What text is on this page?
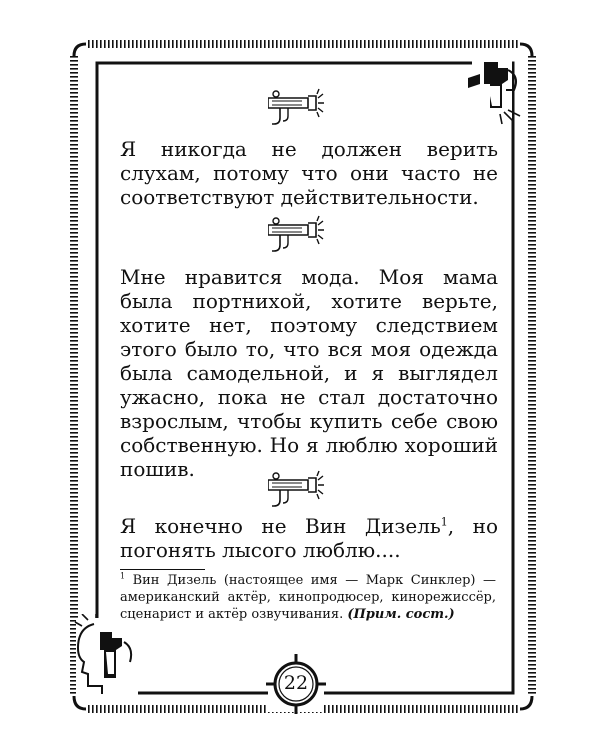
Я никогда не должен верить слухам, потому что они часто не соответствуют действительности.
Мне нравится мода. Моя мама была портнихой, хотите верьте, хотите нет, поэтому следствием этого было то, что вся моя одежда была самодельной, и я выглядел ужасно, пока не стал достаточно взрослым, чтобы купить себе свою собственную. Но я люблю хороший пошив.
Я конечно не Вин Дизель$^1$, но погонять лысого люблю....
$^1$ Вин Дизель (настоящее имя — Марк Синклер) — американский актёр, кинопродюсер, кинорежиссёр, сценарист и актёр озвучивания. (Прим. сост.)
22
